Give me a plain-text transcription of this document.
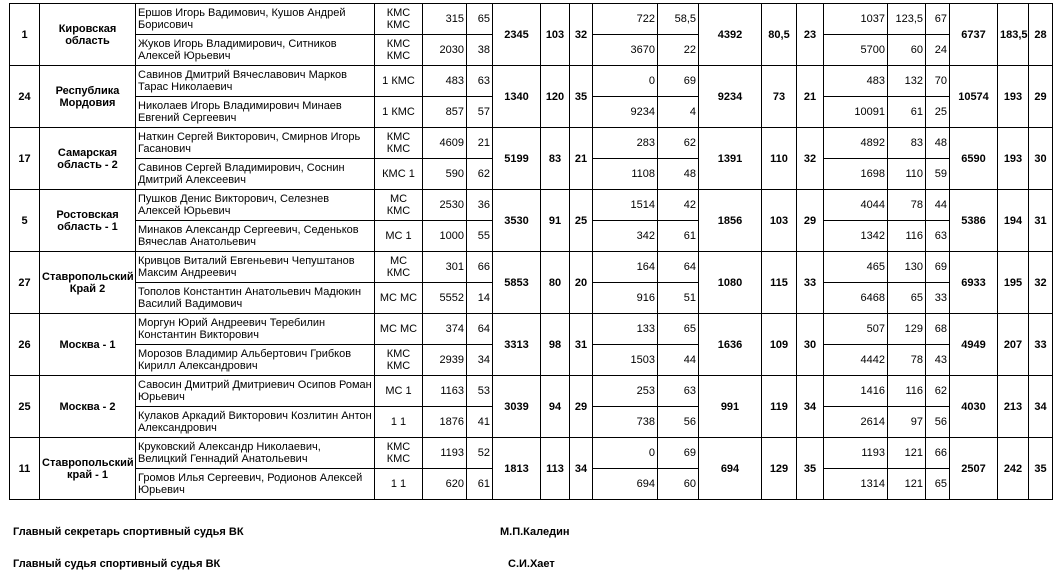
1	Кировская область	Ершов Игорь Вадимович, Кушов Андрей Борисович	КМС КМС	315	65	2345	103	32	722	58,5	4392	80,5	23	1037	123,5	67	6737	183,5	28
		Жуков Игорь Владимирович, Ситников Алексей Юрьевич	КМС КМС	2030	38				3670	22				5700	60	24			
24	Республика Мордовия	Савинов Дмитрий Вячеславович Марков Тарас Николаевич	1 КМС	483	63	1340	120	35	0	69	9234	73	21	483	132	70	10574	193	29
		Николаев Игорь Владимирович Минаев Евгений Сергеевич	1 КМС	857	57				9234	4				10091	61	25			
17	Самарская область - 2	Наткин Сергей Викторович, Смирнов Игорь Гасанович	КМС КМС	4609	21	5199	83	21	283	62	1391	110	32	4892	83	48	6590	193	30
		Савинов Сергей Владимирович, Соснин Дмитрий Алексеевич	КМС 1	590	62				1108	48				1698	110	59			
5	Ростовская область - 1	Пушков Денис Викторович, Селезнев Алексей Юрьевич	МС КМС	2530	36	3530	91	25	1514	42	1856	103	29	4044	78	44	5386	194	31
		Минаков Александр Сергеевич, Седеньков Вячеслав Анатольевич	МС 1	1000	55				342	61				1342	116	63			
27	Ставропольский Край 2	Кривцов Виталий Евгеньевич Чепуштанов Максим Андреевич	МС КМС	301	66	5853	80	20	164	64	1080	115	33	465	130	69	6933	195	32
		Тополов Константин Анатольевич Мадюкин Василий Вадимович	МС МС	5552	14				916	51				6468	65	33			
26	Москва - 1	Моргун Юрий Андреевич Теребилин Константин Викторович	МС МС	374	64	3313	98	31	133	65	1636	109	30	507	129	68	4949	207	33
		Морозов Владимир Альбертович Грибков Кирилл Александрович	КМС КМС	2939	34				1503	44				4442	78	43			
25	Москва - 2	Савосин Дмитрий Дмитриевич Осипов Роман Юрьевич	МС 1	1163	53	3039	94	29	253	63	991	119	34	1416	116	62	4030	213	34
		Кулаков Аркадий Викторович Козлитин Антон Александрович	1 1	1876	41				738	56				2614	97	56			
11	Ставропольский край - 1	Круковский Александр Николаевич, Велицкий Геннадий Анатольевич	КМС КМС	1193	52	1813	113	34	0	69	694	129	35	1193	121	66	2507	242	35
		Громов Илья Сергеевич, Родионов Алексей Юрьевич	1 1	620	61				694	60				1314	121	65			
Главный секретарь спортивный судья ВК	М.П.Каледин
Главный судья спортивный судья ВК	С.И.Хает
